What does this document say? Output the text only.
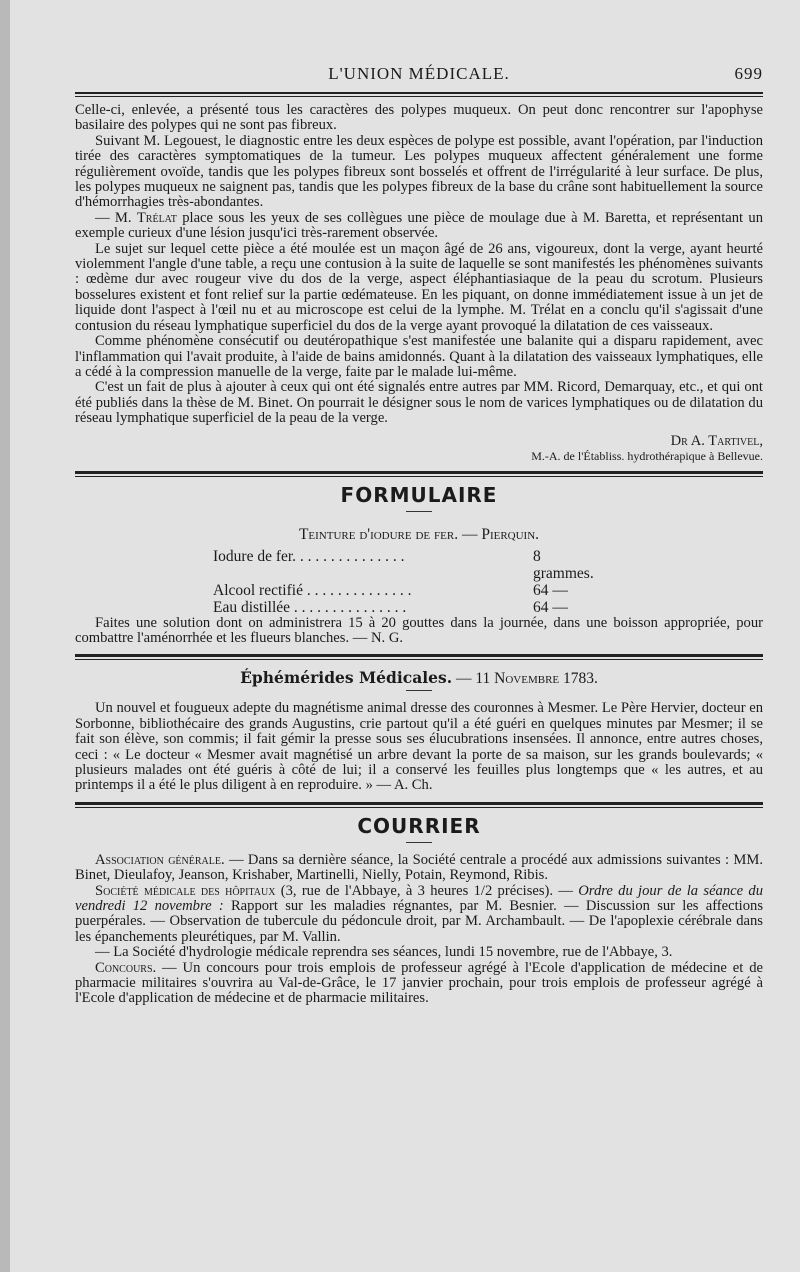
L'UNION MÉDICALE.	699

Celle-ci, enlevée, a présenté tous les caractères des polypes muqueux. On peut donc rencontrer sur l'apophyse basilaire des polypes qui ne sont pas fibreux.

Suivant M. Legouest, le diagnostic entre les deux espèces de polype est possible, avant l'opération, par l'induction tirée des caractères symptomatiques de la tumeur. Les polypes muqueux affectent généralement une forme régulièrement ovoïde, tandis que les polypes fibreux sont bosselés et offrent de l'irrégularité à leur surface. De plus, les polypes muqueux ne saignent pas, tandis que les polypes fibreux de la base du crâne sont habituellement la source d'hémorrhagies très-abondantes.

— M. Trélat place sous les yeux de ses collègues une pièce de moulage due à M. Baretta, et représentant un exemple curieux d'une lésion jusqu'ici très-rarement observée.

Le sujet sur lequel cette pièce a été moulée est un maçon âgé de 26 ans, vigoureux, dont la verge, ayant heurté violemment l'angle d'une table, a reçu une contusion à la suite de laquelle se sont manifestés les phénomènes suivants : œdème dur avec rougeur vive du dos de la verge, aspect éléphantiasiaque de la peau du scrotum. Plusieurs bosselures existent et font relief sur la partie œdémateuse. En les piquant, on donne immédiatement issue à un jet de liquide dont l'aspect à l'œil nu et au microscope est celui de la lymphe. M. Trélat en a conclu qu'il s'agissait d'une contusion du réseau lymphatique superficiel du dos de la verge ayant provoqué la dilatation de ces vaisseaux.

Comme phénomène consécutif ou deutéropathique s'est manifestée une balanite qui a disparu rapidement, avec l'inflammation qui l'avait produite, à l'aide de bains amidonnés. Quant à la dilatation des vaisseaux lymphatiques, elle a cédé à la compression manuelle de la verge, faite par le malade lui-même.

C'est un fait de plus à ajouter à ceux qui ont été signalés entre autres par MM. Ricord, Demarquay, etc., et qui ont été publiés dans la thèse de M. Binet. On pourrait le désigner sous le nom de varices lymphatiques ou de dilatation du réseau lymphatique superficiel de la peau de la verge.

Dr A. Tartivel,
M.-A. de l'Établiss. hydrothérapique à Bellevue.
FORMULAIRE
Teinture d'iodure de fer. — Pierquin.
Iodure de fer. . . . . . . . . . . . . . .	8 grammes.
Alcool rectifié . . . . . . . . . . . . . .	64 —
Eau distillée . . . . . . . . . . . . . . .	64 —

Faites une solution dont on administrera 15 à 20 gouttes dans la journée, dans une boisson appropriée, pour combattre l'aménorrhée et les flueurs blanches. — N. G.

Éphémérides Médicales. — 11 Novembre 1783.

Un nouvel et fougueux adepte du magnétisme animal dresse des couronnes à Mesmer. Le Père Hervier, docteur en Sorbonne, bibliothécaire des grands Augustins, crie partout qu'il a été guéri en quelques minutes par Mesmer; il se fait son élève, son commis; il fait gémir la presse sous ses élucubrations insensées. Il annonce, entre autres choses, ceci : « Le docteur « Mesmer avait magnétisé un arbre devant la porte de sa maison, sur les grands boulevards; « plusieurs malades ont été guéris à côté de lui; il a conservé les feuilles plus longtemps que « les autres, et au printemps il a été le plus diligent à en reproduire. » — A. Ch.

COURRIER

Association générale. — Dans sa dernière séance, la Société centrale a procédé aux admissions suivantes : MM. Binet, Dieulafoy, Jeanson, Krishaber, Martinelli, Nielly, Potain, Reymond, Ribis.

Société médicale des hôpitaux (3, rue de l'Abbaye, à 3 heures 1/2 précises). — Ordre du jour de la séance du vendredi 12 novembre : Rapport sur les maladies régnantes, par M. Besnier. — Discussion sur les affections puerpérales. — Observation de tubercule du pédoncule droit, par M. Archambault. — De l'apoplexie cérébrale dans les épanchements pleurétiques, par M. Vallin.

— La Société d'hydrologie médicale reprendra ses séances, lundi 15 novembre, rue de l'Abbaye, 3.

Concours. — Un concours pour trois emplois de professeur agrégé à l'Ecole d'application de médecine et de pharmacie militaires s'ouvrira au Val-de-Grâce, le 17 janvier prochain, pour trois emplois de professeur agrégé à l'Ecole d'application de médecine et de pharmacie militaires.
